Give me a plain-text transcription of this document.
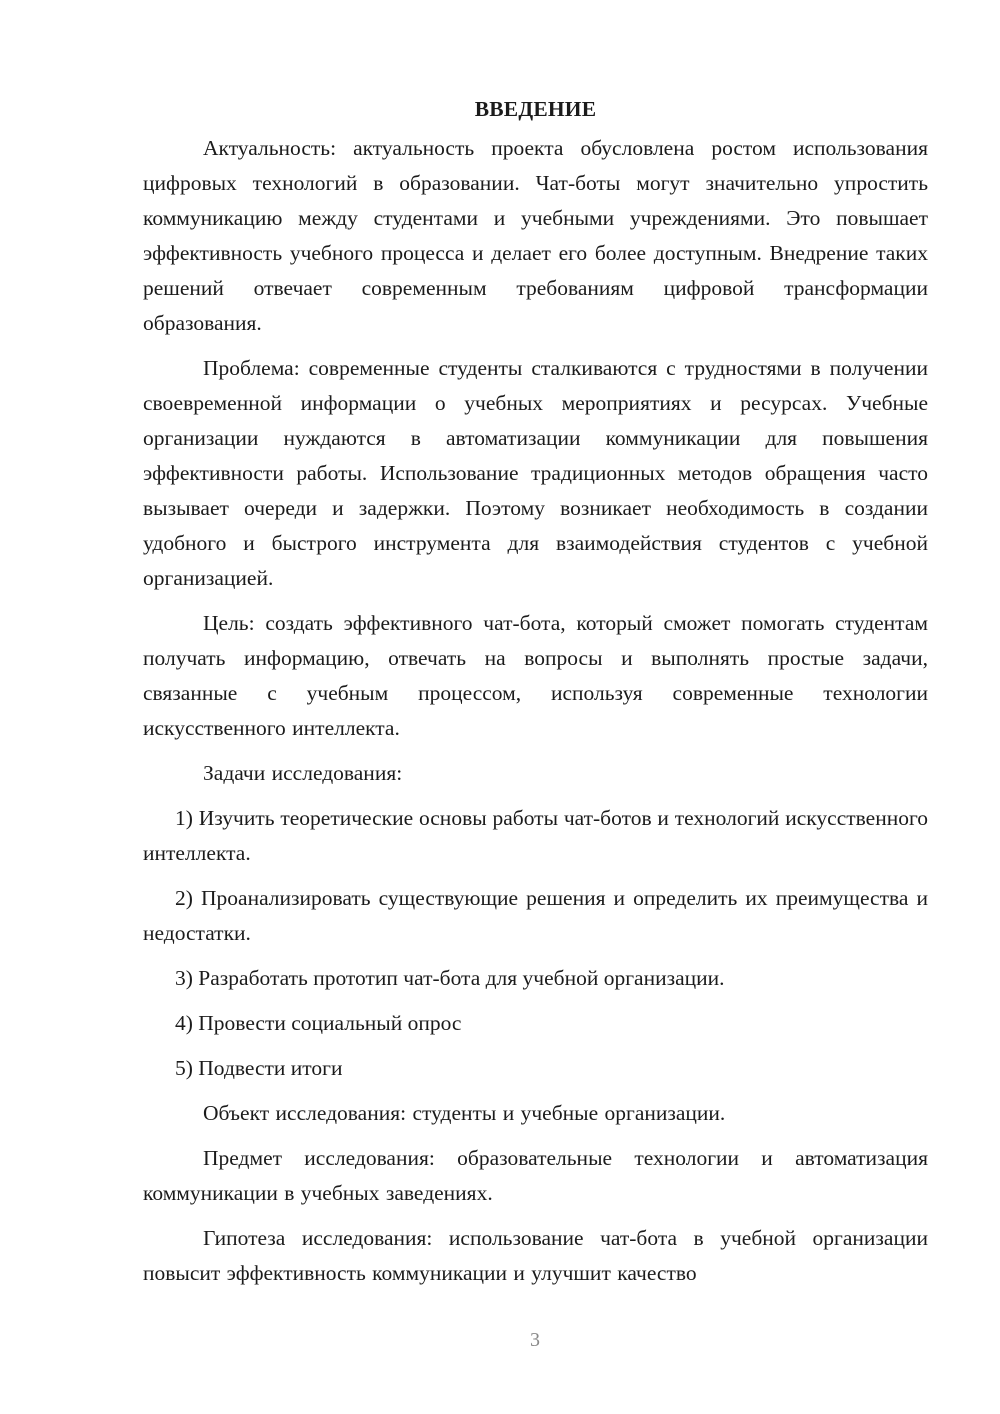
ВВЕДЕНИЕ

Актуальность: актуальность проекта обусловлена ростом использования цифровых технологий в образовании. Чат-боты могут значительно упростить коммуникацию между студентами и учебными учреждениями. Это повышает эффективность учебного процесса и делает его более доступным. Внедрение таких решений отвечает современным требованиям цифровой трансформации образования.

Проблема: современные студенты сталкиваются с трудностями в получении своевременной информации о учебных мероприятиях и ресурсах. Учебные организации нуждаются в автоматизации коммуникации для повышения эффективности работы. Использование традиционных методов обращения часто вызывает очереди и задержки. Поэтому возникает необходимость в создании удобного и быстрого инструмента для взаимодействия студентов с учебной организацией.

Цель: создать эффективного чат-бота, который сможет помогать студентам получать информацию, отвечать на вопросы и выполнять простые задачи, связанные с учебным процессом, используя современные технологии искусственного интеллекта.

Задачи исследования:

1) Изучить теоретические основы работы чат-ботов и технологий искусственного интеллекта.

2) Проанализировать существующие решения и определить их преимущества и недостатки.

3) Разработать прототип чат-бота для учебной организации.

4) Провести социальный опрос

5) Подвести итоги

Объект исследования: студенты и учебные организации.

Предмет исследования: образовательные технологии и автоматизация коммуникации в учебных заведениях.

Гипотеза исследования: использование чат-бота в учебной организации повысит эффективность коммуникации и улучшит качество

3
